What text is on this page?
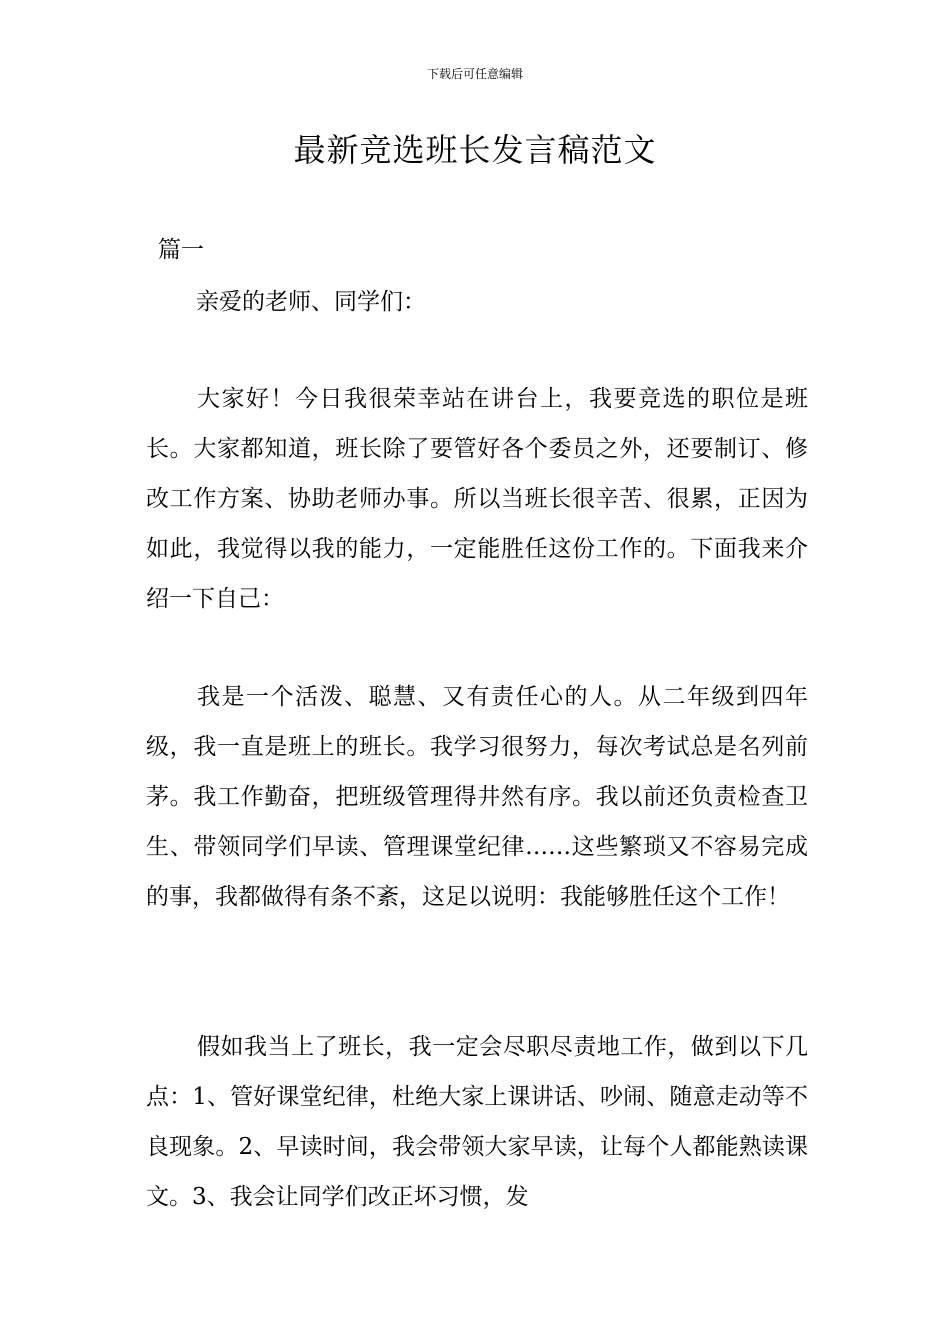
下载后可任意编辑
最新竞选班长发言稿范文
篇一
亲爱的老师、同学们：

大家好！今日我很荣幸站在讲台上，我要竞选的职位是班长。大家都知道，班长除了要管好各个委员之外，还要制订、修改工作方案、协助老师办事。所以当班长很辛苦、很累，正因为如此，我觉得以我的能力，一定能胜任这份工作的。下面我来介绍一下自己：

我是一个活泼、聪慧、又有责任心的人。从二年级到四年级，我一直是班上的班长。我学习很努力，每次考试总是名列前茅。我工作勤奋，把班级管理得井然有序。我以前还负责检查卫生、带领同学们早读、管理课堂纪律……这些繁琐又不容易完成的事，我都做得有条不紊，这足以说明：我能够胜任这个工作！

假如我当上了班长，我一定会尽职尽责地工作，做到以下几点：1、管好课堂纪律，杜绝大家上课讲话、吵闹、随意走动等不良现象。2、早读时间，我会带领大家早读，让每个人都能熟读课文。3、我会让同学们改正坏习惯，发
